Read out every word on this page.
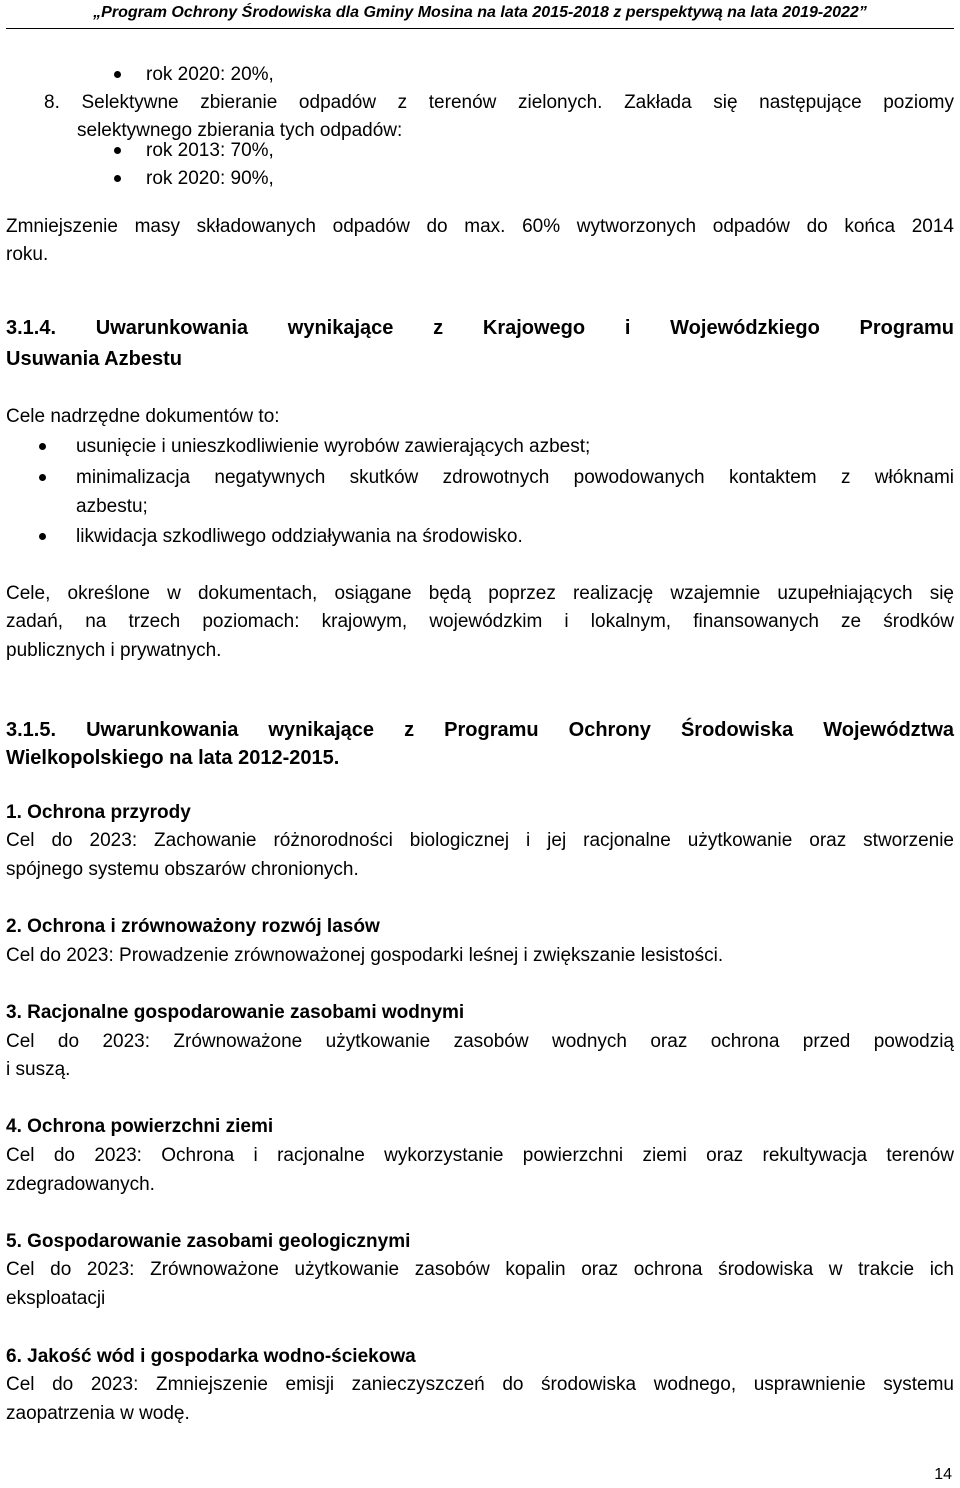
„Program Ochrony Środowiska dla Gminy Mosina na lata 2015-2018 z perspektywą na lata 2019-2022”
rok 2020: 20%,
8. Selektywne zbieranie odpadów z terenów zielonych. Zakłada się następujące poziomy
selektywnego zbierania tych odpadów:
rok 2013: 70%,
rok 2020: 90%,
Zmniejszenie masy składowanych odpadów do max. 60% wytworzonych odpadów do końca 2014
roku.
3.1.4. Uwarunkowania wynikające z Krajowego i Wojewódzkiego Programu
Usuwania Azbestu
Cele nadrzędne dokumentów to:
usunięcie i unieszkodliwienie wyrobów zawierających azbest;
minimalizacja negatywnych skutków zdrowotnych powodowanych kontaktem z włóknami
azbestu;
likwidacja szkodliwego oddziaływania na środowisko.
Cele, określone w dokumentach, osiągane będą poprzez realizację wzajemnie uzupełniających się
zadań, na trzech poziomach: krajowym, wojewódzkim i lokalnym, finansowanych ze środków
publicznych i prywatnych.
3.1.5. Uwarunkowania wynikające z Programu Ochrony Środowiska Województwa
Wielkopolskiego na lata 2012-2015.
1. Ochrona przyrody
Cel do 2023: Zachowanie różnorodności biologicznej i jej racjonalne użytkowanie oraz stworzenie
spójnego systemu obszarów chronionych.
2. Ochrona i zrównoważony rozwój lasów
Cel do 2023: Prowadzenie zrównoważonej gospodarki leśnej i zwiększanie lesistości.
3. Racjonalne gospodarowanie zasobami wodnymi
Cel do 2023: Zrównoważone użytkowanie zasobów wodnych oraz ochrona przed powodzią
i suszą.
4. Ochrona powierzchni ziemi
Cel do 2023: Ochrona i racjonalne wykorzystanie powierzchni ziemi oraz rekultywacja terenów
zdegradowanych.
5. Gospodarowanie zasobami geologicznymi
Cel do 2023: Zrównoważone użytkowanie zasobów kopalin oraz ochrona środowiska w trakcie ich
eksploatacji
6. Jakość wód i gospodarka wodno-ściekowa
Cel do 2023: Zmniejszenie emisji zanieczyszczeń do środowiska wodnego, usprawnienie systemu
zaopatrzenia w wodę.
14
